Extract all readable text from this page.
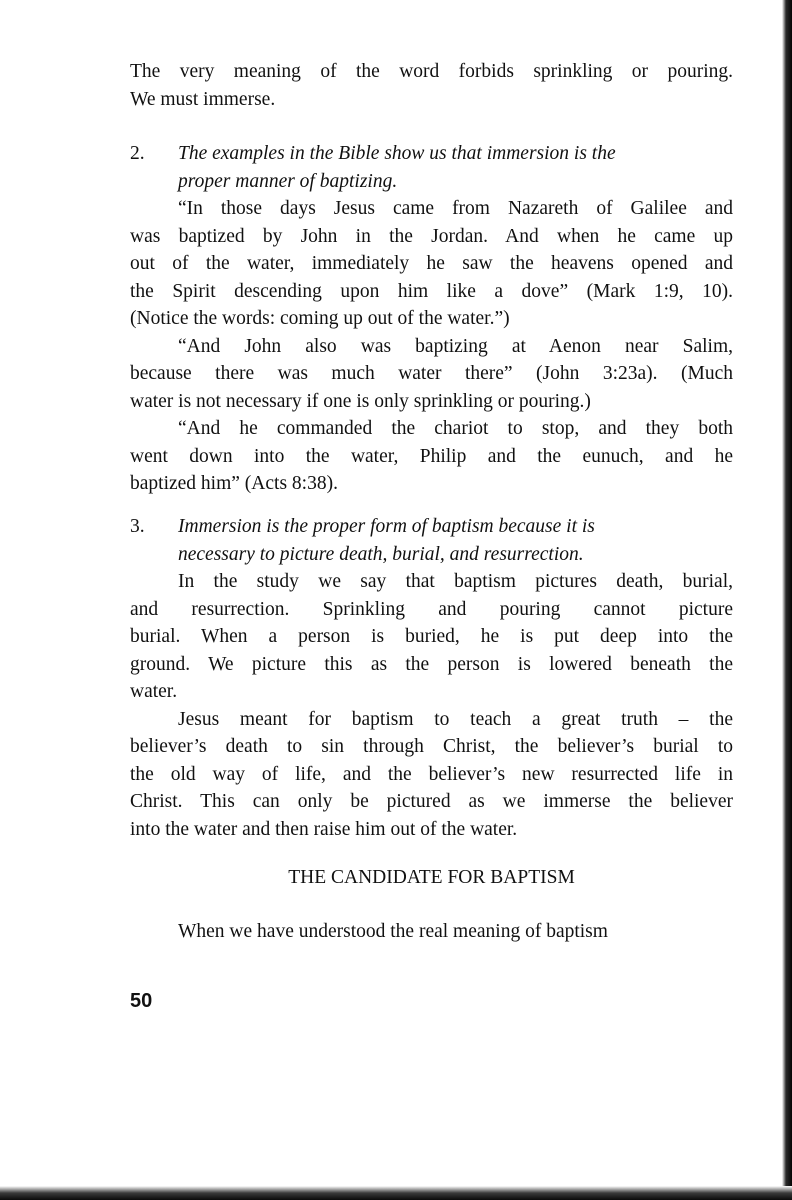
The very meaning of the word forbids sprinkling or pouring.
We must immerse.
2.	The examples in the Bible show us that immersion is the
proper manner of baptizing.
“In those days Jesus came from Nazareth of Galilee and
was baptized by John in the Jordan. And when he came up
out of the water, immediately he saw the heavens opened and
the Spirit descending upon him like a dove” (Mark 1:9, 10).
(Notice the words: coming up out of the water.”)
“And John also was baptizing at Aenon near Salim,
because there was much water there” (John 3:23a). (Much
water is not necessary if one is only sprinkling or pouring.)
“And he commanded the chariot to stop, and they both
went down into the water, Philip and the eunuch, and he
baptized him” (Acts 8:38).
3.	Immersion is the proper form of baptism because it is
necessary to picture death, burial, and resurrection.
In the study we say that baptism pictures death, burial,
and resurrection. Sprinkling and pouring cannot picture
burial. When a person is buried, he is put deep into the
ground. We picture this as the person is lowered beneath the
water.
Jesus meant for baptism to teach a great truth – the
believer’s death to sin through Christ, the believer’s burial to
the old way of life, and the believer’s new resurrected life in
Christ. This can only be pictured as we immerse the believer
into the water and then raise him out of the water.
THE CANDIDATE FOR BAPTISM
When we have understood the real meaning of baptism
50
